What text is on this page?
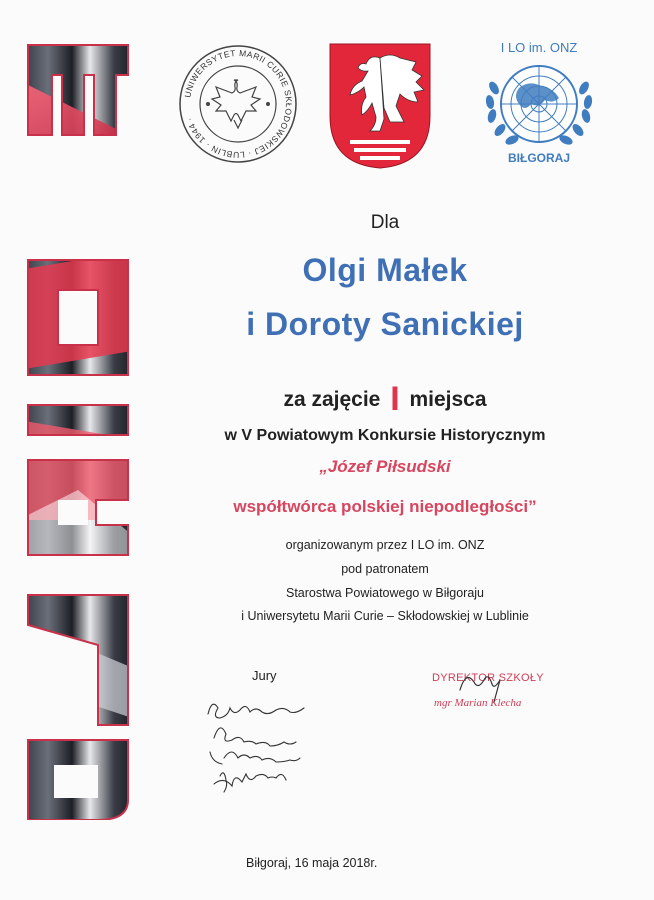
UNIWERSYTET MARII CURIE SKŁODOWSKIEJ · LUBLIN · 1944 ·
I LO im. ONZ
BIŁGORAJ
Dla
Olgi Małek
i Doroty Sanickiej
za zajęcie I miejsca
w V Powiatowym Konkursie Historycznym
„Józef Piłsudski
współtwórca polskiej niepodległości”
organizowanym przez I LO im. ONZ
pod patronatem
Starostwa Powiatowego w Biłgoraju
i Uniwersytetu Marii Curie – Skłodowskiej w Lublinie
Jury	DYREKTOR SZKOŁY
mgr Marian Klecha
Biłgoraj, 16 maja 2018r.
